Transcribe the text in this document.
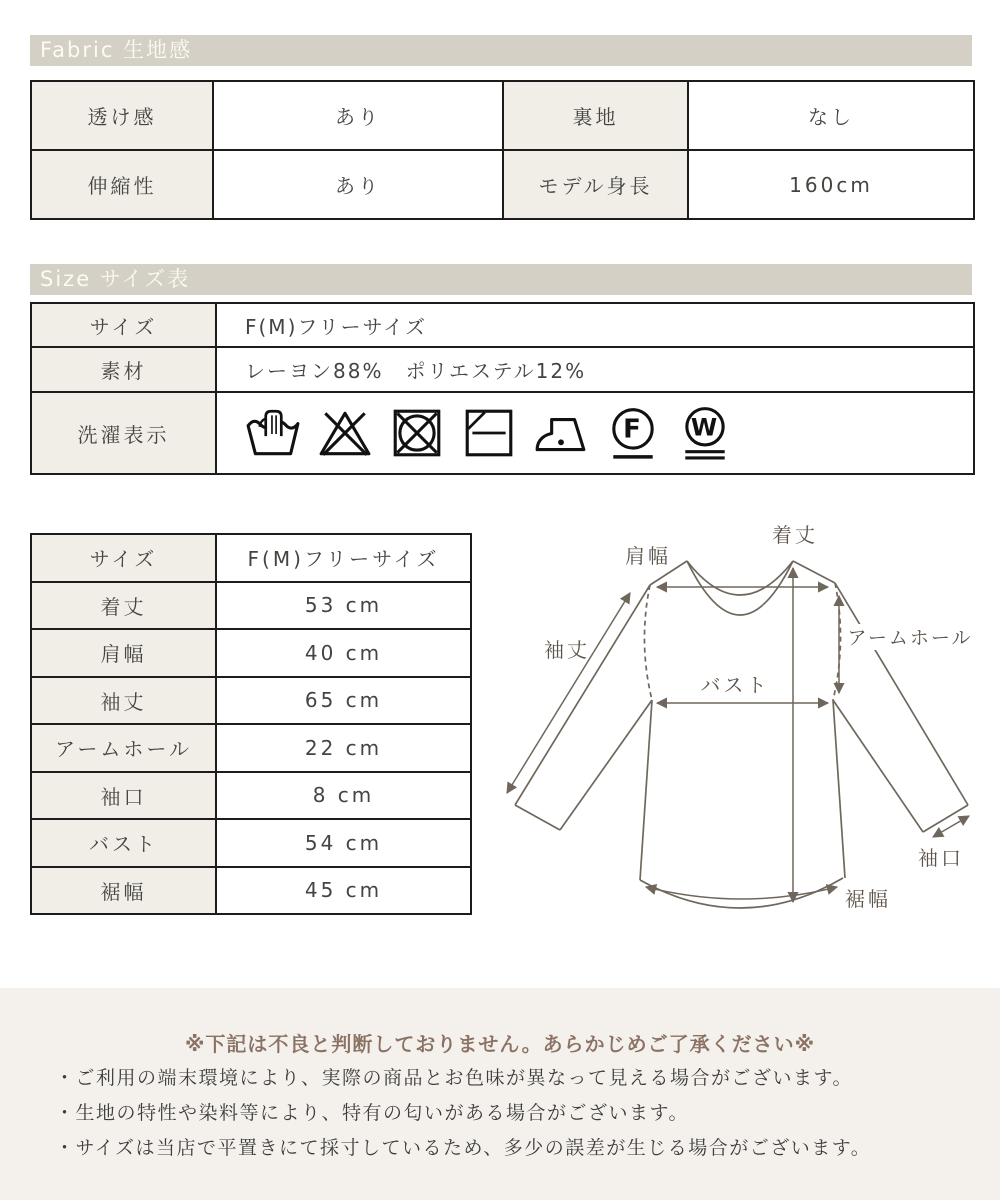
Fabric 生地感
透け感	あり	裏地	なし
伸縮性	あり	モデル身長	160cm
Size サイズ表
サイズ	F(M)フリーサイズ
素材	レーヨン88%　ポリエステル12%
洗濯表示	F W
サイズ	F(M)フリーサイズ
着丈	53 cm
肩幅	40 cm
袖丈	65 cm
アームホール	22 cm
袖口	8 cm
バスト	54 cm
裾幅	45 cm
肩幅
着丈
袖丈	アームホール
バスト
袖口
裾幅
※下記は不良と判断しておりません。あらかじめご了承ください※
・ご利用の端末環境により、実際の商品とお色味が異なって見える場合がございます。
・生地の特性や染料等により、特有の匂いがある場合がございます。
・サイズは当店で平置きにて採寸しているため、多少の誤差が生じる場合がございます。
